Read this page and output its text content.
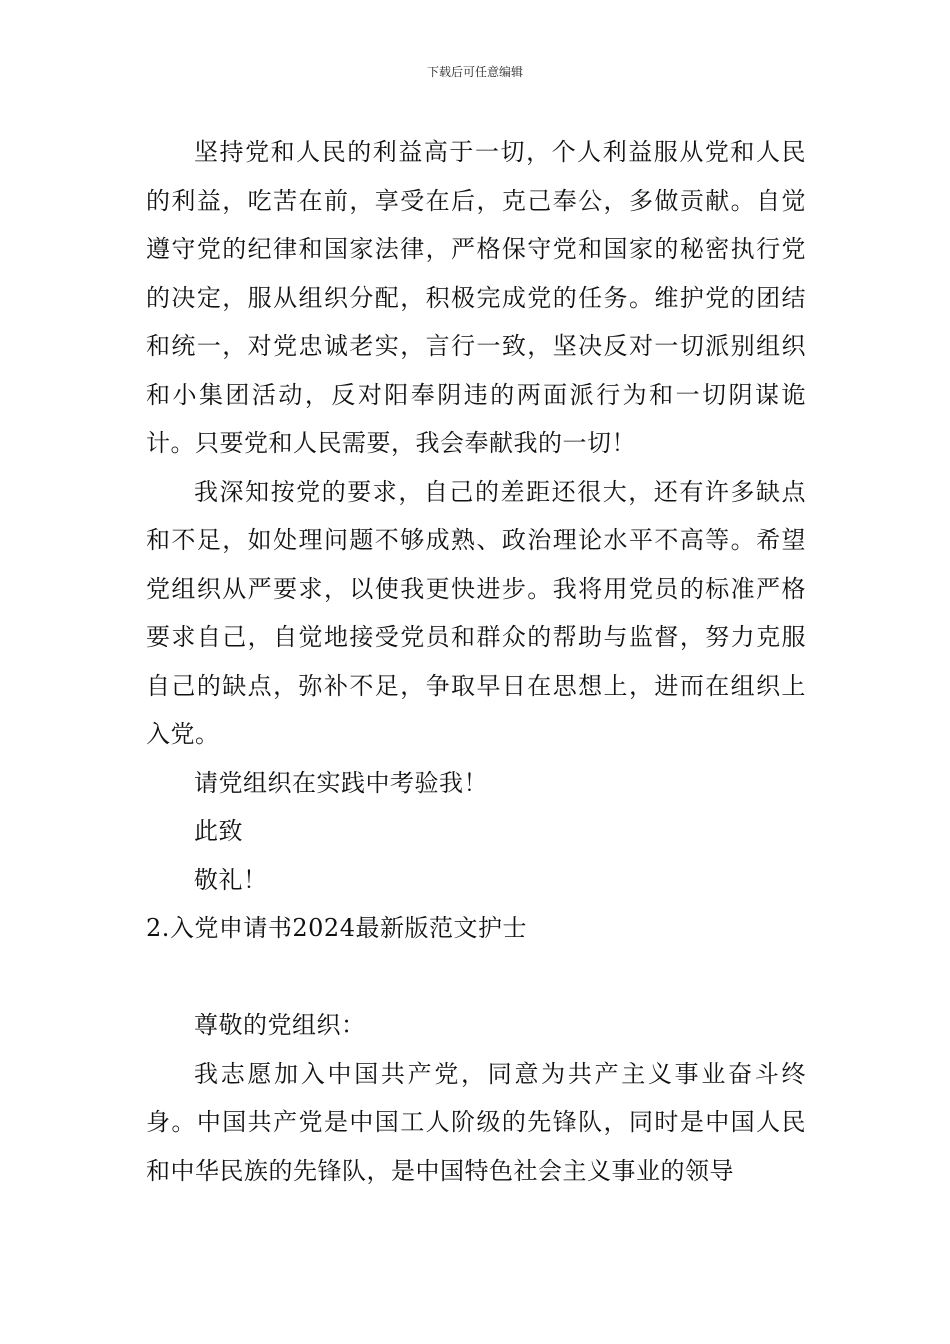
下载后可任意编辑

坚持党和人民的利益高于一切，个人利益服从党和人民的利益，吃苦在前，享受在后，克己奉公，多做贡献。自觉遵守党的纪律和国家法律，严格保守党和国家的秘密执行党的决定，服从组织分配，积极完成党的任务。维护党的团结和统一，对党忠诚老实，言行一致，坚决反对一切派别组织和小集团活动，反对阳奉阴违的两面派行为和一切阴谋诡计。只要党和人民需要，我会奉献我的一切！

我深知按党的要求，自己的差距还很大，还有许多缺点和不足，如处理问题不够成熟、政治理论水平不高等。希望党组织从严要求，以使我更快进步。我将用党员的标准严格要求自己，自觉地接受党员和群众的帮助与监督，努力克服自己的缺点，弥补不足，争取早日在思想上，进而在组织上入党。

请党组织在实践中考验我！

此致

敬礼！

2.入党申请书2024最新版范文护士

尊敬的党组织：

我志愿加入中国共产党，同意为共产主义事业奋斗终身。中国共产党是中国工人阶级的先锋队，同时是中国人民和中华民族的先锋队，是中国特色社会主义事业的领导
